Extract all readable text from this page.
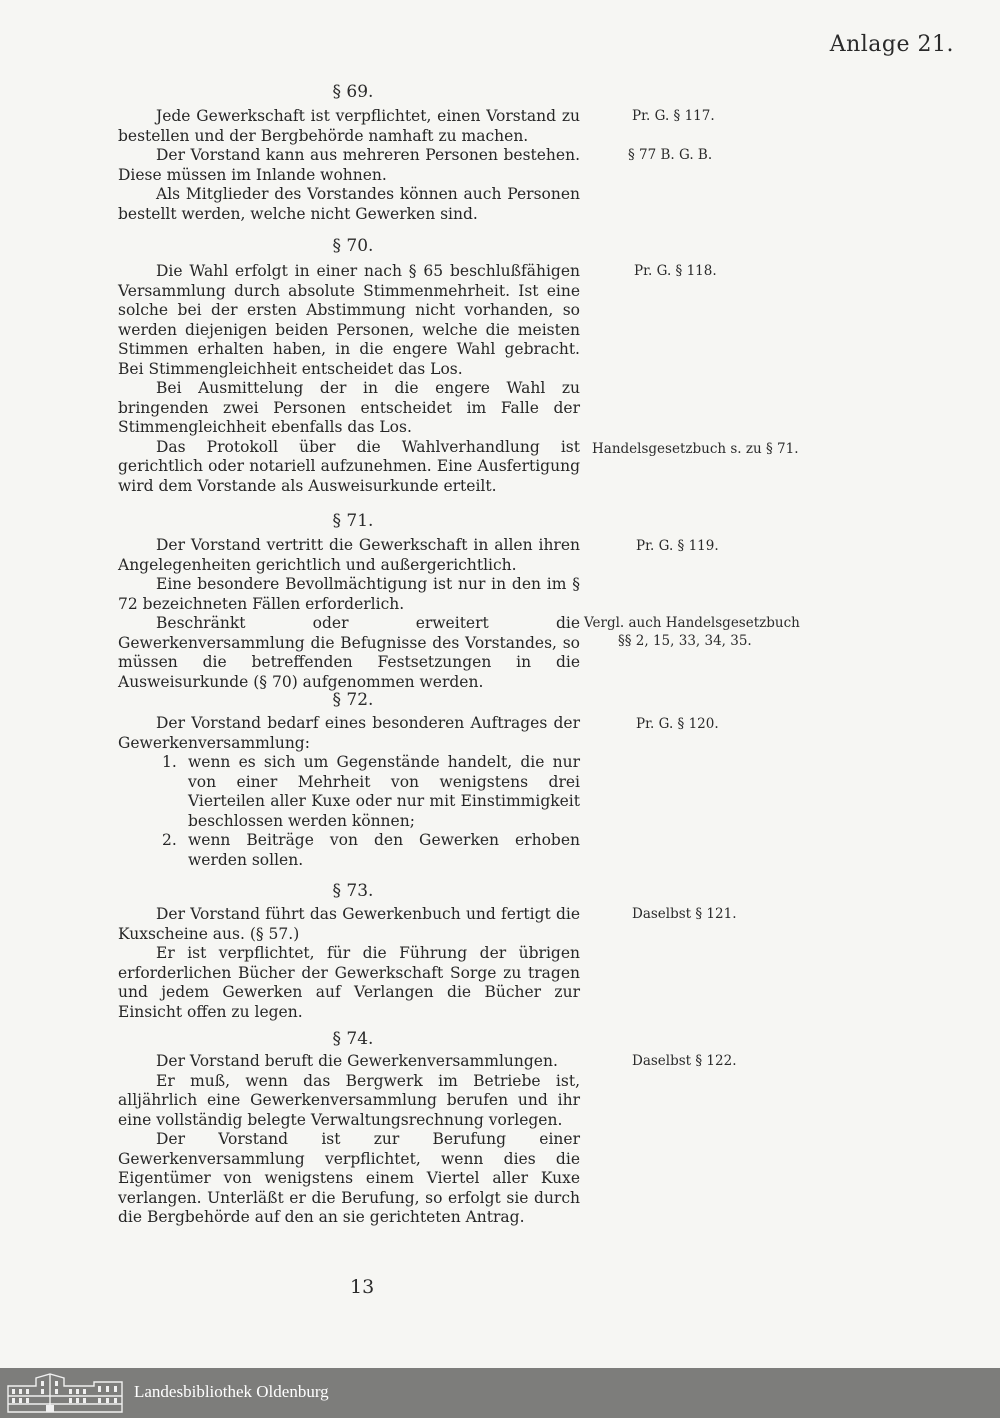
Anlage 21.
§ 69.

Jede Gewerkschaft ist verpflichtet, einen Vorstand zu bestellen und der Bergbehörde namhaft zu machen.

Der Vorstand kann aus mehreren Personen bestehen. Diese müssen im Inlande wohnen.

Als Mitglieder des Vorstandes können auch Personen bestellt werden, welche nicht Gewerken sind.

Pr. G. § 117.
§ 77 B. G. B.
§ 70.

Die Wahl erfolgt in einer nach § 65 beschlußfähigen Versammlung durch absolute Stimmenmehrheit. Ist eine solche bei der ersten Abstimmung nicht vorhanden, so werden diejenigen beiden Personen, welche die meisten Stimmen erhalten haben, in die engere Wahl gebracht. Bei Stimmengleichheit entscheidet das Los.

Bei Ausmittelung der in die engere Wahl zu bringenden zwei Personen entscheidet im Falle der Stimmengleichheit ebenfalls das Los.

Das Protokoll über die Wahlverhandlung ist gerichtlich oder notariell aufzunehmen. Eine Ausfertigung wird dem Vorstande als Ausweisurkunde erteilt.

Pr. G. § 118.
Handelsgesetzbuch s. zu § 71.
§ 71.

Der Vorstand vertritt die Gewerkschaft in allen ihren Angelegenheiten gerichtlich und außergerichtlich.

Eine besondere Bevollmächtigung ist nur in den im § 72 bezeichneten Fällen erforderlich.

Beschränkt oder erweitert die Gewerkenversammlung die Befugnisse des Vorstandes, so müssen die betreffenden Festsetzungen in die Ausweisurkunde (§ 70) aufgenommen werden.

Pr. G. § 119.
Vergl. auch Handelsgesetzbuch
§§ 2, 15, 33, 34, 35.
§ 72.

Der Vorstand bedarf eines besonderen Auftrages der Gewerkenversammlung:

1. wenn es sich um Gegenstände handelt, die nur von einer Mehrheit von wenigstens drei Vierteilen aller Kuxe oder nur mit Einstimmigkeit beschlossen werden können;
2. wenn Beiträge von den Gewerken erhoben werden sollen.
Pr. G. § 120.
§ 73.

Der Vorstand führt das Gewerkenbuch und fertigt die Kuxscheine aus. (§ 57.)

Er ist verpflichtet, für die Führung der übrigen erforderlichen Bücher der Gewerkschaft Sorge zu tragen und jedem Gewerken auf Verlangen die Bücher zur Einsicht offen zu legen.

Daselbst § 121.
§ 74.

Der Vorstand beruft die Gewerkenversammlungen.

Er muß, wenn das Bergwerk im Betriebe ist, alljährlich eine Gewerkenversammlung berufen und ihr eine vollständig belegte Verwaltungsrechnung vorlegen.

Der Vorstand ist zur Berufung einer Gewerkenversammlung verpflichtet, wenn dies die Eigentümer von wenigstens einem Viertel aller Kuxe verlangen. Unterläßt er die Berufung, so erfolgt sie durch die Bergbehörde auf den an sie gerichteten Antrag.

Daselbst § 122.
13
Landesbibliothek Oldenburg
